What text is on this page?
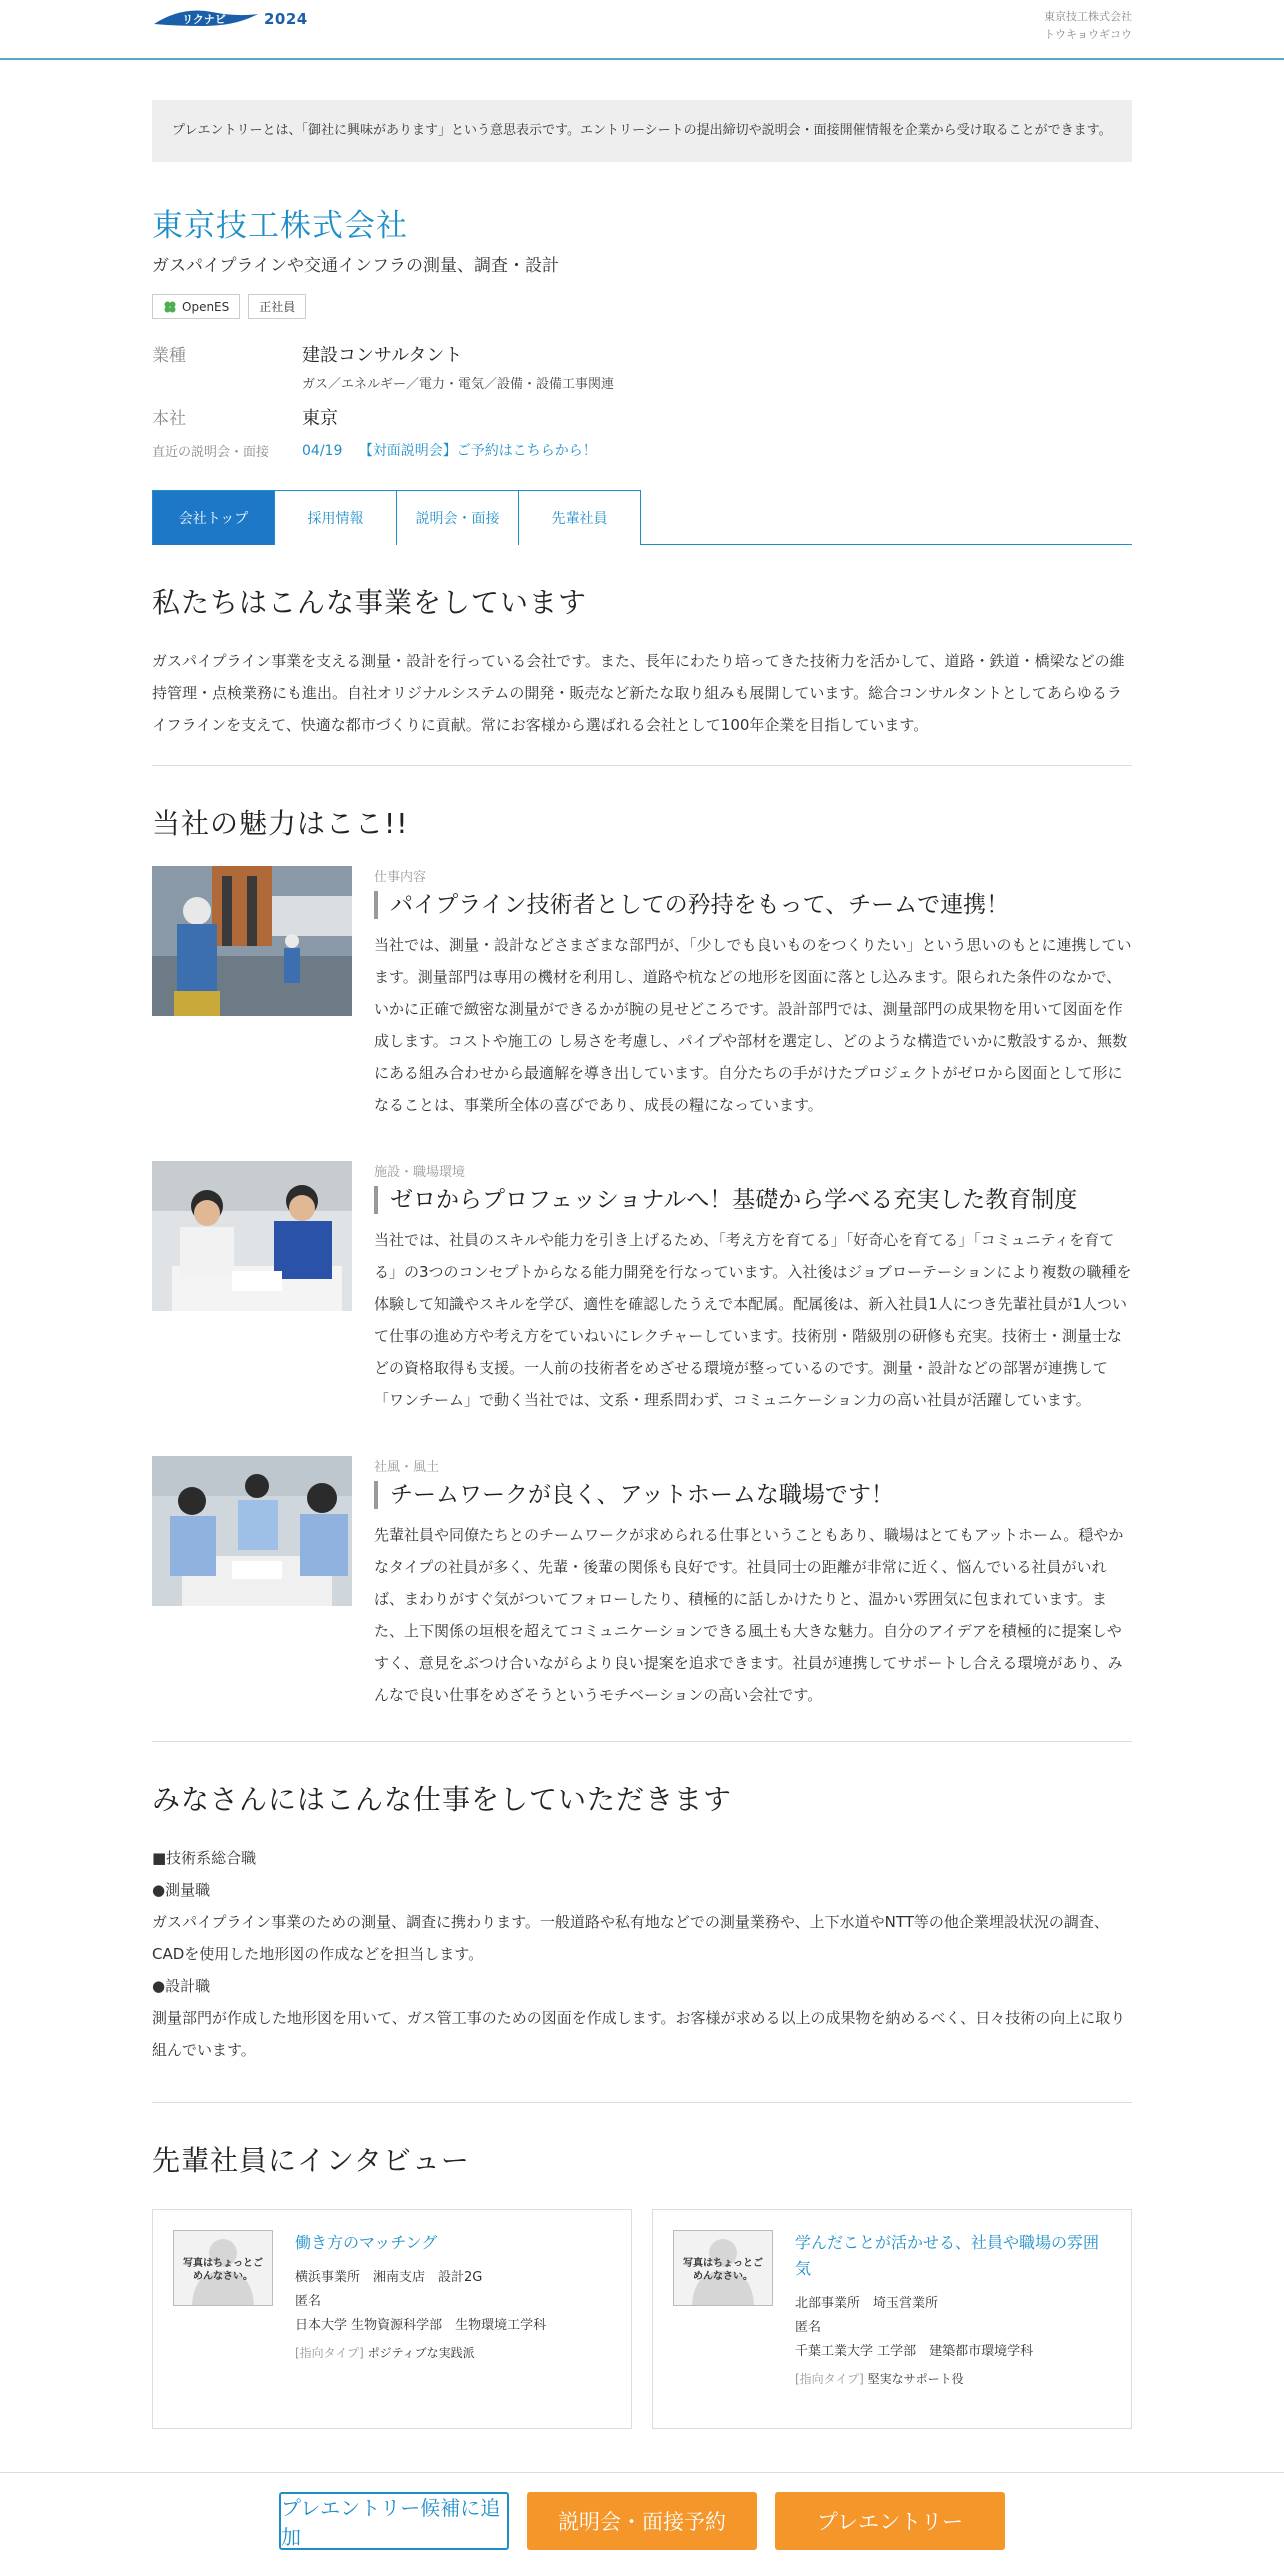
リクナビ	2024	東京技工株式会社
トウキョウギコウ
プレエントリーとは、「御社に興味があります」という意思表示です。エントリーシートの提出締切や説明会・面接開催情報を企業から受け取ることができます。
東京技工株式会社
ガスパイプラインや交通インフラの測量、調査・設計
OpenES	正社員
業種	建設コンサルタント
ガス／エネルギー／電力・電気／設備・設備工事関連
本社	東京
直近の説明会・面接	04/19 【対面説明会】ご予約はこちらから！
会社トップ	採用情報	説明会・面接	先輩社員
私たちはこんな事業をしています

ガスパイプライン事業を支える測量・設計を行っている会社です。また、長年にわたり培ってきた技術力を活かして、道路・鉄道・橋梁などの維持管理・点検業務にも進出。自社オリジナルシステムの開発・販売など新たな取り組みも展開しています。総合コンサルタントとしてあらゆるライフラインを支えて、快適な都市づくりに貢献。常にお客様から選ばれる会社として100年企業を目指しています。

当社の魅力はここ!!
仕事内容
パイプライン技術者としての矜持をもって、チームで連携！

当社では、測量・設計などさまざまな部門が、「少しでも良いものをつくりたい」という思いのもとに連携しています。測量部門は専用の機材を利用し、道路や杭などの地形を図面に落とし込みます。限られた条件のなかで、いかに正確で緻密な測量ができるかが腕の見せどころです。設計部門では、測量部門の成果物を用いて図面を作成します。コストや施工の し易さを考慮し、パイプや部材を選定し、どのような構造でいかに敷設するか、無数にある組み合わせから最適解を導き出しています。自分たちの手がけたプロジェクトがゼロから図面として形になることは、事業所全体の喜びであり、成長の糧になっています。

施設・職場環境
ゼロからプロフェッショナルへ！基礎から学べる充実した教育制度

当社では、社員のスキルや能力を引き上げるため、「考え方を育てる」「好奇心を育てる」「コミュニティを育てる」の3つのコンセプトからなる能力開発を行なっています。入社後はジョブローテーションにより複数の職種を体験して知識やスキルを学び、適性を確認したうえで本配属。配属後は、新入社員1人につき先輩社員が1人ついて仕事の進め方や考え方をていねいにレクチャーしています。技術別・階級別の研修も充実。技術士・測量士などの資格取得も支援。一人前の技術者をめざせる環境が整っているのです。測量・設計などの部署が連携して「ワンチーム」で動く当社では、文系・理系問わず、コミュニケーション力の高い社員が活躍しています。

社風・風土
チームワークが良く、アットホームな職場です！

先輩社員や同僚たちとのチームワークが求められる仕事ということもあり、職場はとてもアットホーム。穏やかなタイプの社員が多く、先輩・後輩の関係も良好です。社員同士の距離が非常に近く、悩んでいる社員がいれば、まわりがすぐ気がついてフォローしたり、積極的に話しかけたりと、温かい雰囲気に包まれています。また、上下関係の垣根を超えてコミュニケーションできる風土も大きな魅力。自分のアイデアを積極的に提案しやすく、意見をぶつけ合いながらより良い提案を追求できます。社員が連携してサポートし合える環境があり、みんなで良い仕事をめざそうというモチベーションの高い会社です。

みなさんにはこんな仕事をしていただきます

■技術系総合職

●測量職

ガスパイプライン事業のための測量、調査に携わります。一般道路や私有地などでの測量業務や、上下水道やNTT等の他企業埋設状況の調査、CADを使用した地形図の作成などを担当します。

●設計職

測量部門が作成した地形図を用いて、ガス管工事のための図面を作成します。お客様が求める以上の成果物を納めるべく、日々技術の向上に取り組んでいます。

先輩社員にインタビュー
写真はちょっとごめんなさい。
働き方のマッチング
横浜事業所　湘南支店　設計2G
匿名
日本大学 生物資源科学部　生物環境工学科
[指向タイプ] ポジティブな実践派
写真はちょっとごめんなさい。
学んだことが活かせる、社員や職場の雰囲気
北部事業所　埼玉営業所
匿名
千葉工業大学 工学部　建築都市環境学科
[指向タイプ] 堅実なサポート役
プレエントリー候補に追加
説明会・面接予約	プレエントリー
